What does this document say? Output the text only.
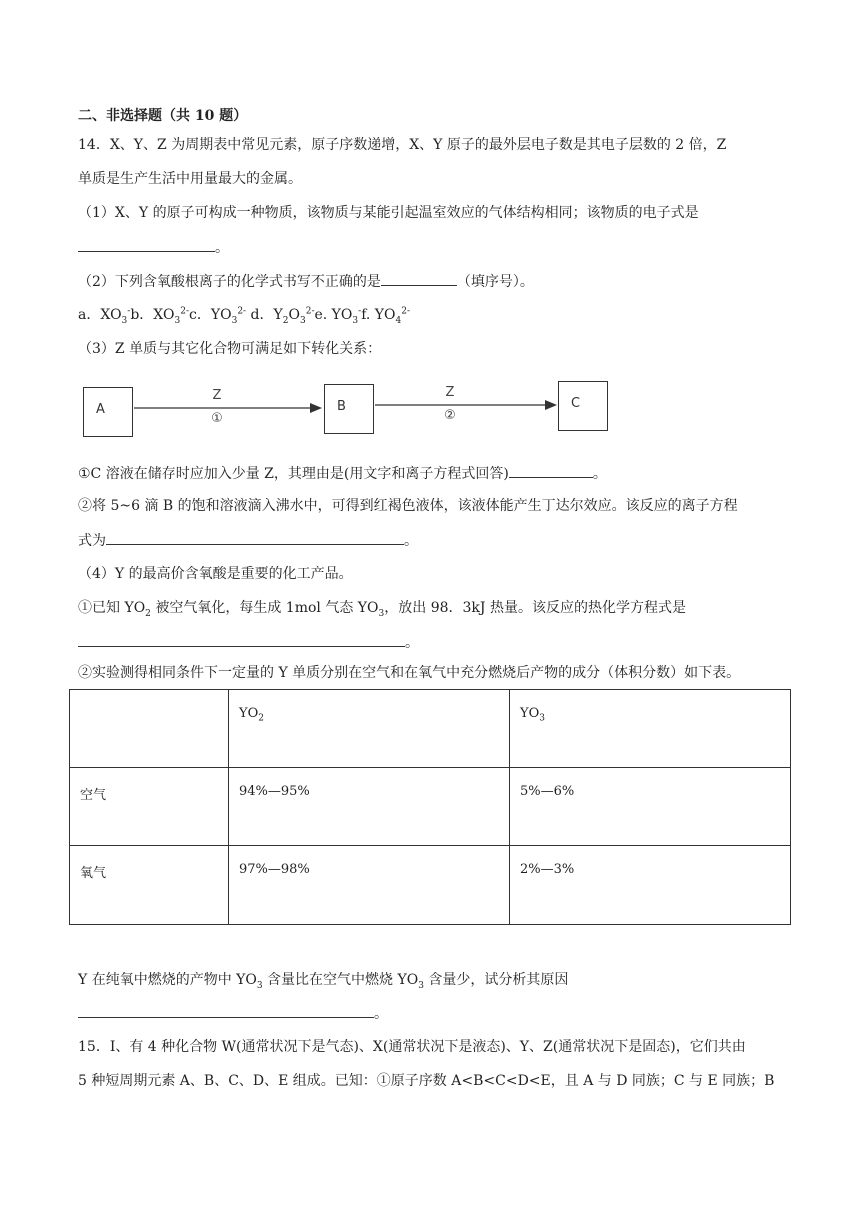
二、非选择题（共 10 题）
14．X、Y、Z 为周期表中常见元素，原子序数递增，X、Y 原子的最外层电子数是其电子层数的 2 倍，Z
单质是生产生活中用量最大的金属。
（1）X、Y 的原子可构成一种物质，该物质与某能引起温室效应的气体结构相同；该物质的电子式是
。
（2）下列含氧酸根离子的化学式书写不正确的是	（填序号）。
a．$XO_3^-b$．$XO_3^{2-}c$．$YO_3^{2-}$ d．$Y_2O_3^{2-}e$. $YO_3^-f$. $YO_4^{2-}$
（3）Z 单质与其它化合物可满足如下转化关系：
A	B	C
Z
①
Z
②
①C 溶液在储存时应加入少量 Z，其理由是(用文字和离子方程式回答)	。
②将 5~6 滴 B 的饱和溶液滴入沸水中，可得到红褐色液体，该液体能产生丁达尔效应。该反应的离子方程
式为	。
（4）Y 的最高价含氧酸是重要的化工产品。
①已知 $YO_2$ 被空气氧化，每生成 1mol 气态 $YO_3$，放出 98．3kJ 热量。该反应的热化学方程式是
。
②实验测得相同条件下一定量的 Y 单质分别在空气和在氧气中充分燃烧后产物的成分（体积分数）如下表。
	$YO_2$	$YO_3$
空气	94%—95%	5%—6%
氧气	97%—98%	2%—3%
Y 在纯氧中燃烧的产物中 $YO_3$ 含量比在空气中燃烧 $YO_3$ 含量少，试分析其原因
。
15．I、有 4 种化合物 W(通常状况下是气态)、X(通常状况下是液态)、Y、Z(通常状况下是固态)，它们共由
5 种短周期元素 A、B、C、D、E 组成。已知：①原子序数 A<B<C<D<E，且 A 与 D 同族；C 与 E 同族；B
